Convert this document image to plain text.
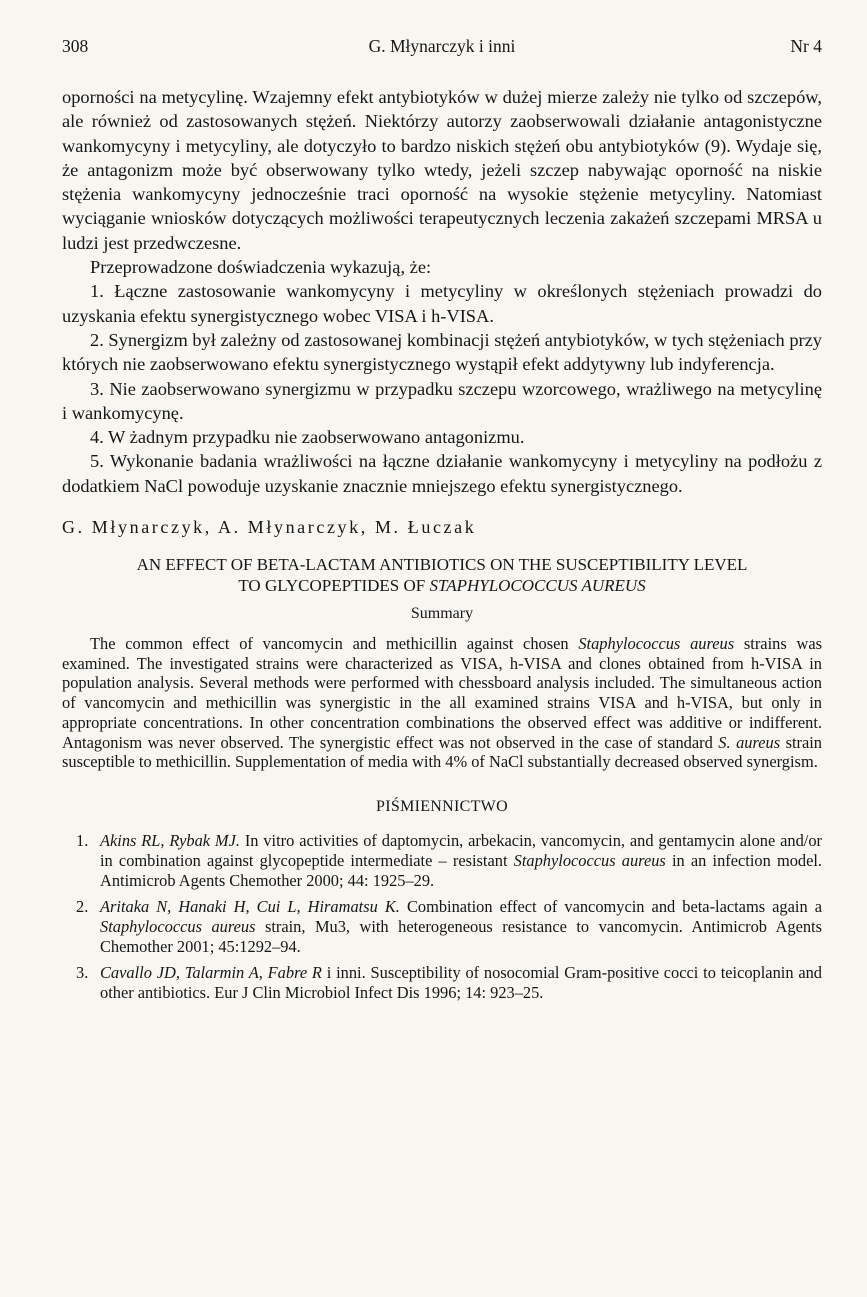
308	G. Młynarczyk i inni	Nr 4

oporności na metycylinę. Wzajemny efekt antybiotyków w dużej mierze zależy nie tylko od szczepów, ale również od zastosowanych stężeń. Niektórzy autorzy zaobserwowali działanie antagonistyczne wankomycyny i metycyliny, ale dotyczyło to bardzo niskich stężeń obu antybiotyków (9). Wydaje się, że antagonizm może być obserwowany tylko wtedy, jeżeli szczep nabywając oporność na niskie stężenia wankomycyny jednocześnie traci oporność na wysokie stężenie metycyliny. Natomiast wyciąganie wniosków dotyczących możliwości terapeutycznych leczenia zakażeń szczepami MRSA u ludzi jest przedwczesne.

Przeprowadzone doświadczenia wykazują, że:

1. Łączne zastosowanie wankomycyny i metycyliny w określonych stężeniach prowadzi do uzyskania efektu synergistycznego wobec VISA i h-VISA.

2. Synergizm był zależny od zastosowanej kombinacji stężeń antybiotyków, w tych stężeniach przy których nie zaobserwowano efektu synergistycznego wystąpił efekt addytywny lub indyferencja.

3. Nie zaobserwowano synergizmu w przypadku szczepu wzorcowego, wrażliwego na metycylinę i wankomycynę.

4. W żadnym przypadku nie zaobserwowano antagonizmu.

5. Wykonanie badania wrażliwości na łączne działanie wankomycyny i metycyliny na podłożu z dodatkiem NaCl powoduje uzyskanie znacznie mniejszego efektu synergistycznego.

G. Młynarczyk, A. Młynarczyk, M. Łuczak
AN EFFECT OF BETA-LACTAM ANTIBIOTICS ON THE SUSCEPTIBILITY LEVEL
TO GLYCOPEPTIDES OF STAPHYLOCOCCUS AUREUS
Summary

The common effect of vancomycin and methicillin against chosen Staphylococcus aureus strains was examined. The investigated strains were characterized as VISA, h-VISA and clones obtained from h-VISA in population analysis. Several methods were performed with chessboard analysis included. The simultaneous action of vancomycin and methicillin was synergistic in the all examined strains VISA and h-VISA, but only in appropriate concentrations. In other concentration combinations the observed effect was additive or indifferent. Antagonism was never observed. The synergistic effect was not observed in the case of standard S. aureus strain susceptible to methicillin. Supplementation of media with 4% of NaCl substantially decreased observed synergism.

PIŚMIENNICTWO
1. Akins RL, Rybak MJ. In vitro activities of daptomycin, arbekacin, vancomycin, and gentamycin alone and/or in combination against glycopeptide intermediate – resistant Staphylococcus aureus in an infection model. Antimicrob Agents Chemother 2000; 44: 1925–29.
2. Aritaka N, Hanaki H, Cui L, Hiramatsu K. Combination effect of vancomycin and beta-lactams again a Staphylococcus aureus strain, Mu3, with heterogeneous resistance to vancomycin. Antimicrob Agents Chemother 2001; 45:1292–94.
3. Cavallo JD, Talarmin A, Fabre R i inni. Susceptibility of nosocomial Gram-positive cocci to teicoplanin and other antibiotics. Eur J Clin Microbiol Infect Dis 1996; 14: 923–25.
